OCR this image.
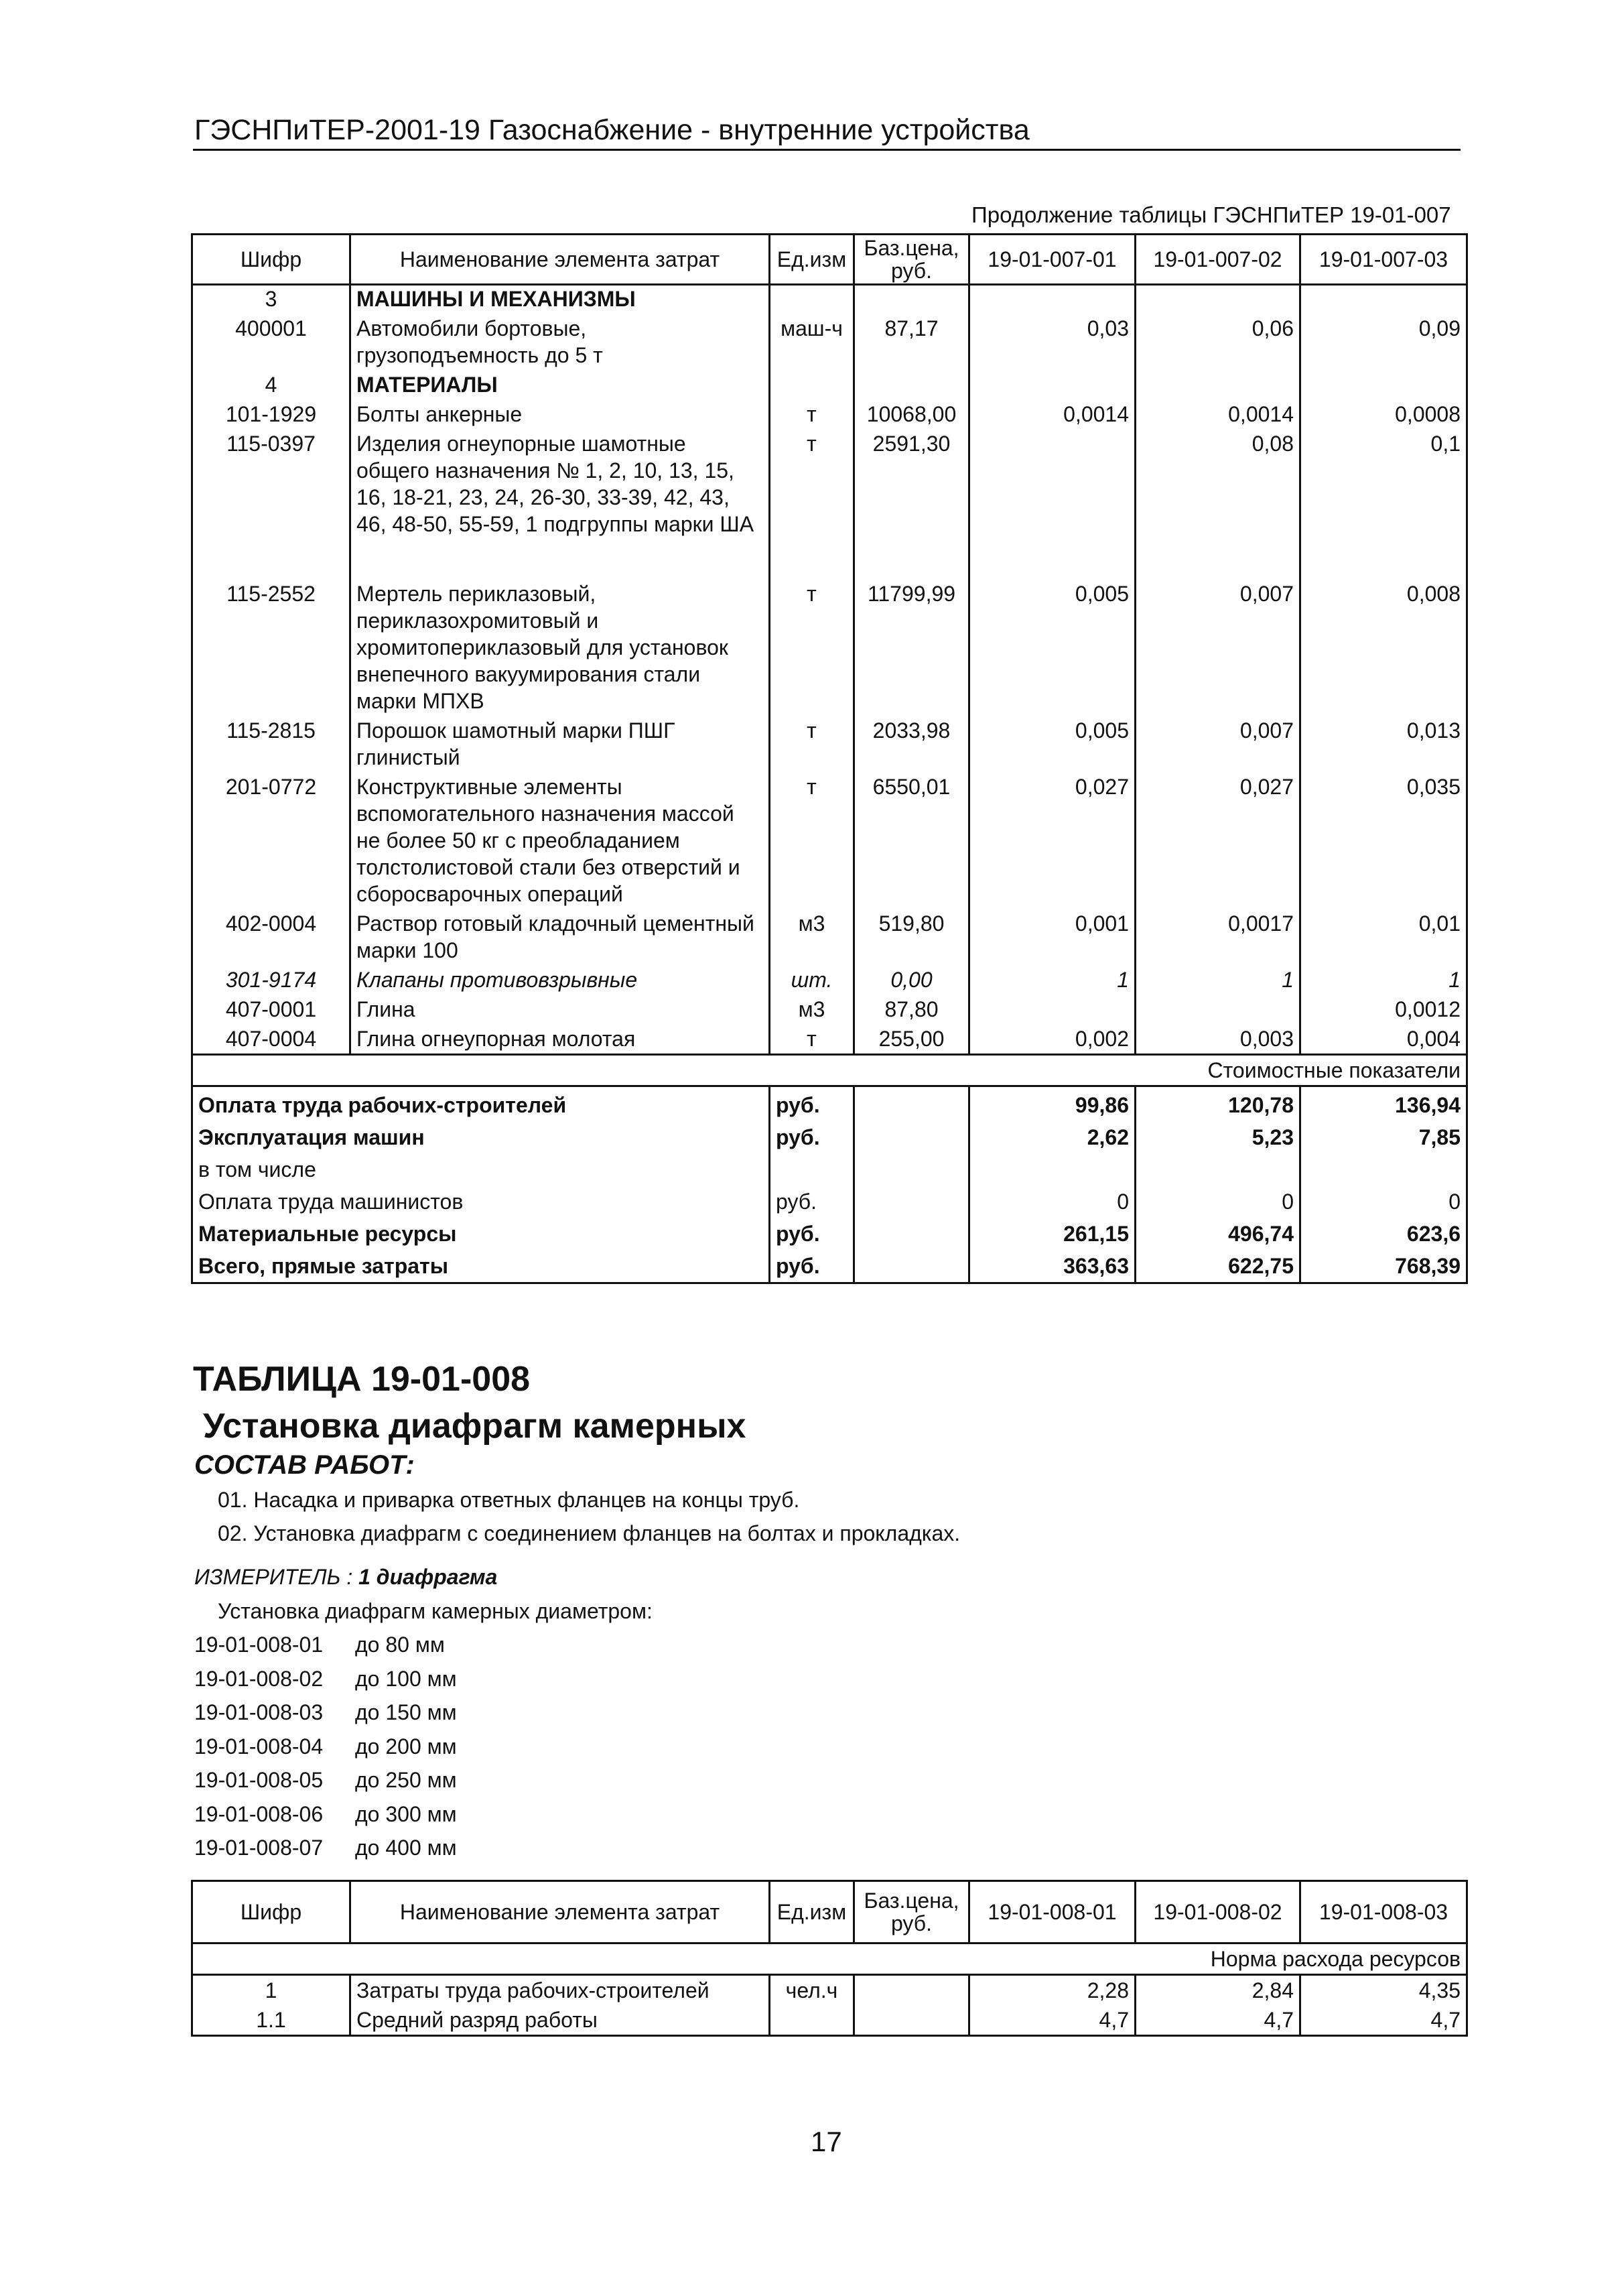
ГЭСНПиТЕР-2001-19 Газоснабжение - внутренние устройства
Продолжение таблицы ГЭСНПиТЕР 19-01-007
Шифр	Наименование элемента затрат	Ед.изм	Баз.цена, руб.	19-01-007-01	19-01-007-02	19-01-007-03
3	МАШИНЫ И МЕХАНИЗМЫ					
400001	Автомобили бортовые, грузоподъемность до 5 т	маш-ч	87,17	0,03	0,06	0,09
4	МАТЕРИАЛЫ					
101-1929	Болты анкерные	т	10068,00	0,0014	0,0014	0,0008
115-0397	Изделия огнеупорные шамотные общего назначения № 1, 2, 10, 13, 15, 16, 18-21, 23, 24, 26-30, 33-39, 42, 43, 46, 48-50, 55-59, 1 подгруппы марки ША	т	2591,30		0,08	0,1
115-2552	Мертель периклазовый, периклазохромитовый и хромитопериклазовый для установок внепечного вакуумирования стали марки МПХВ	т	11799,99	0,005	0,007	0,008
115-2815	Порошок шамотный марки ПШГ глинистый	т	2033,98	0,005	0,007	0,013
201-0772	Конструктивные элементы вспомогательного назначения массой не более 50 кг с преобладанием толстолистовой стали без отверстий и сборосварочных операций	т	6550,01	0,027	0,027	0,035
402-0004	Раствор готовый кладочный цементный марки 100	м3	519,80	0,001	0,0017	0,01
301-9174	Клапаны противовзрывные	шт.	0,00	1	1	1
407-0001	Глина	м3	87,80			0,0012
407-0004	Глина огнеупорная молотая	т	255,00	0,002	0,003	0,004
Стоимостные показатели						
Оплата труда рабочих-строителей		руб.		99,86	120,78	136,94
Эксплуатация машин		руб.		2,62	5,23	7,85
в том числе						
Оплата труда машинистов		руб.		0	0	0
Материальные ресурсы		руб.		261,15	496,74	623,6
Всего, прямые затраты		руб.		363,63	622,75	768,39
ТАБЛИЦА 19-01-008
Установка диафрагм камерных
СОСТАВ РАБОТ:
01. Насадка и приварка ответных фланцев на концы труб.
02. Установка диафрагм с соединением фланцев на болтах и прокладках.
ИЗМЕРИТЕЛЬ : 1 диафрагма
Установка диафрагм камерных диаметром:
19-01-008-01 до 80 мм
19-01-008-02 до 100 мм
19-01-008-03 до 150 мм
19-01-008-04 до 200 мм
19-01-008-05 до 250 мм
19-01-008-06 до 300 мм
19-01-008-07 до 400 мм
Шифр	Наименование элемента затрат	Ед.изм	Баз.цена, руб.	19-01-008-01	19-01-008-02	19-01-008-03
Норма расхода ресурсов						
1	Затраты труда рабочих-строителей	чел.ч		2,28	2,84	4,35
1.1	Средний разряд работы			4,7	4,7	4,7
17
